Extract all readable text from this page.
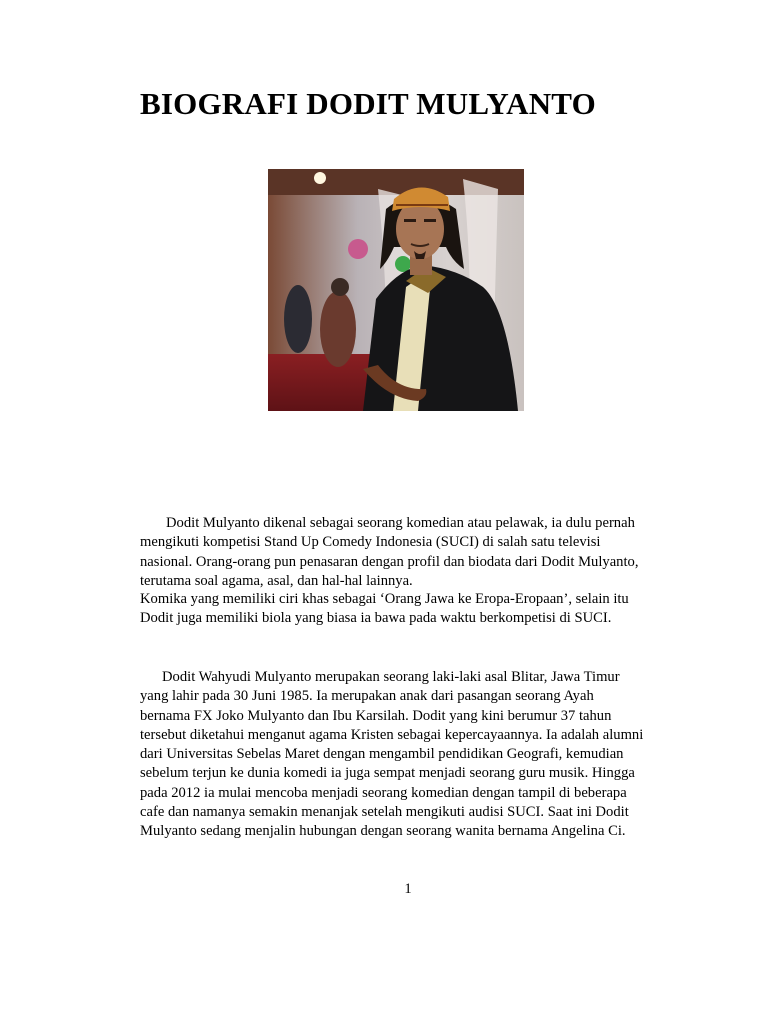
BIOGRAFI DODIT MULYANTO

Dodit Mulyanto dikenal sebagai seorang komedian atau pelawak, ia dulu pernah
mengikuti kompetisi Stand Up Comedy Indonesia (SUCI) di salah satu televisi
nasional. Orang-orang pun penasaran dengan profil dan biodata dari Dodit Mulyanto,
terutama soal agama, asal, dan hal-hal lainnya.

Komika yang memiliki ciri khas sebagai ‘Orang Jawa ke Eropa-Eropaan’, selain itu
Dodit juga memiliki biola yang biasa ia bawa pada waktu berkompetisi di SUCI.

Dodit Wahyudi Mulyanto merupakan seorang laki-laki asal Blitar, Jawa Timur
yang lahir pada 30 Juni 1985. Ia merupakan anak dari pasangan seorang Ayah
bernama FX Joko Mulyanto dan Ibu Karsilah. Dodit yang kini berumur 37 tahun
tersebut diketahui menganut agama Kristen sebagai kepercayaannya. Ia adalah alumni
dari Universitas Sebelas Maret dengan mengambil pendidikan Geografi, kemudian
sebelum terjun ke dunia komedi ia juga sempat menjadi seorang guru musik. Hingga
pada 2012 ia mulai mencoba menjadi seorang komedian dengan tampil di beberapa
cafe dan namanya semakin menanjak setelah mengikuti audisi SUCI. Saat ini Dodit
Mulyanto sedang menjalin hubungan dengan seorang wanita bernama Angelina Ci.

1
